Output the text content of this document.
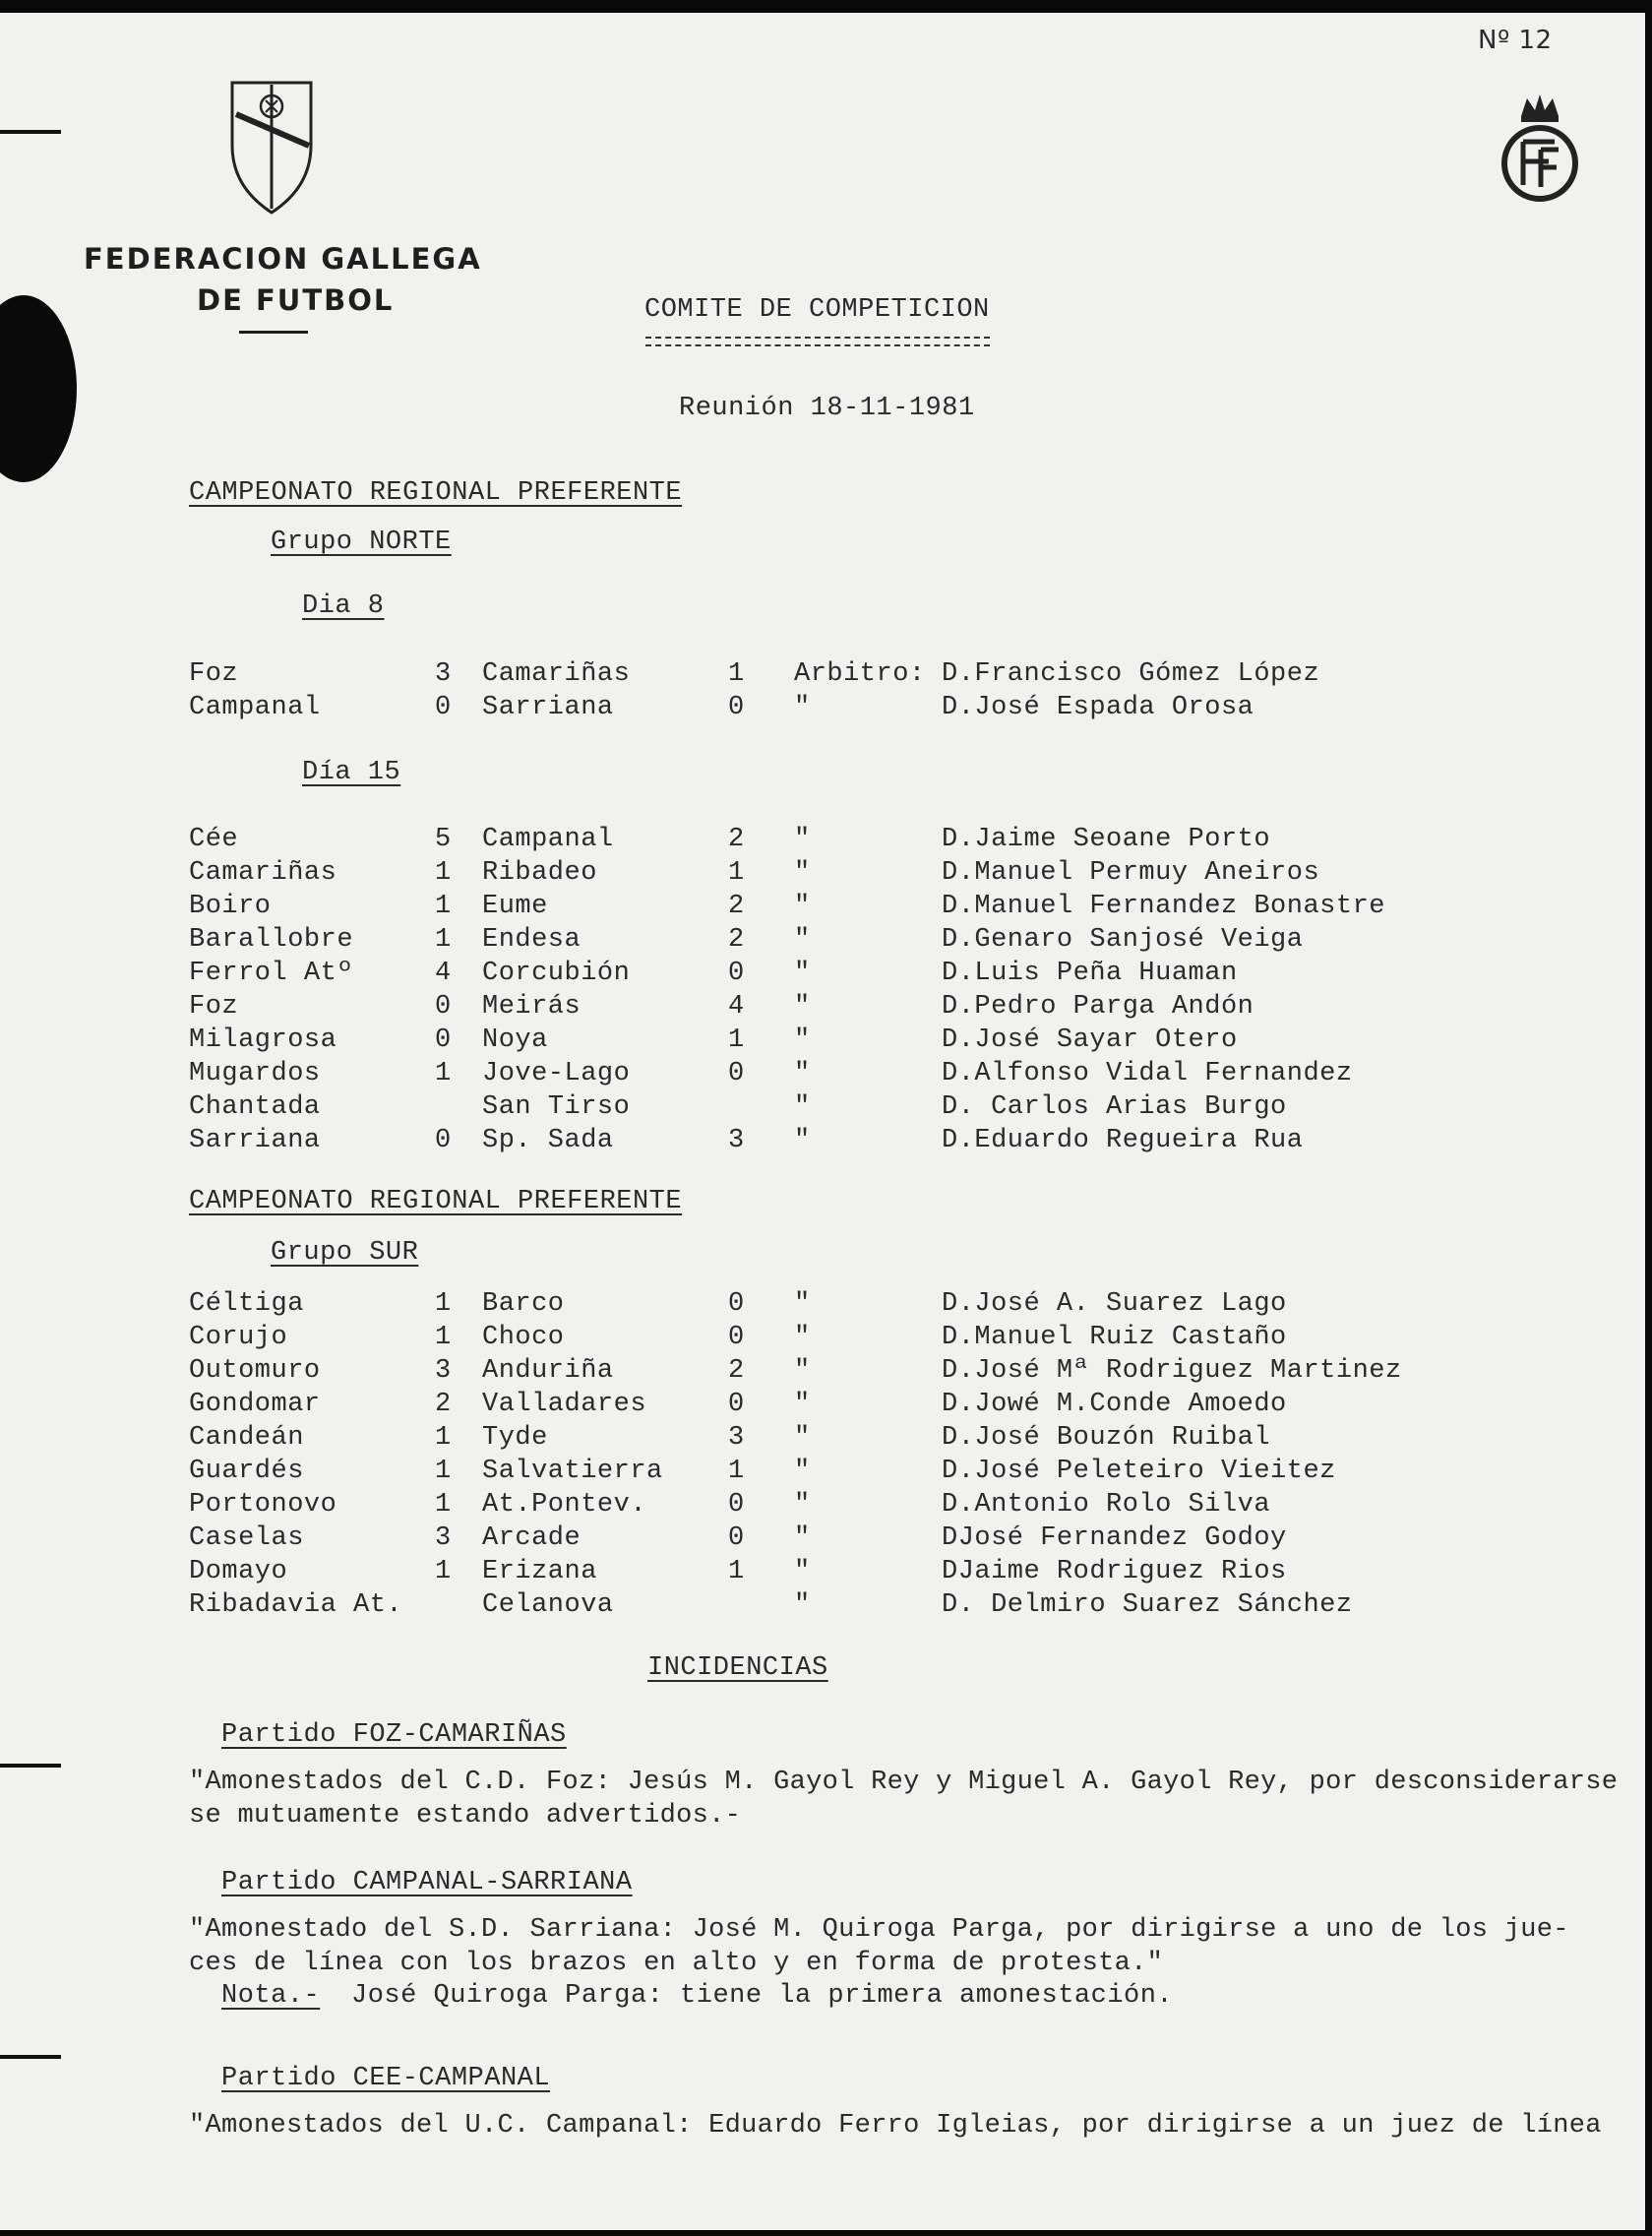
Nº 12
FEDERACION GALLEGA
DE FUTBOL	COMITE DE COMPETICION
Reunión 18-11-1981
CAMPEONATO REGIONAL PREFERENTE
Grupo NORTE
Dia 8
Foz	3 Camariñas	1 Arbitro: D.Francisco Gómez López
Campanal	0 Sarriana	0 "	D.José Espada Orosa
Día 15
Cée	5 Campanal	2 "	D.Jaime Seoane Porto
Camariñas	1 Ribadeo	1 "	D.Manuel Permuy Aneiros
Boiro	1 Eume	2 "	D.Manuel Fernandez Bonastre
Barallobre	1 Endesa	2 "	D.Genaro Sanjosé Veiga
Ferrol Atº	4 Corcubión	0 "	D.Luis Peña Huaman
Foz	0 Meirás	4 "	D.Pedro Parga Andón
Milagrosa	0 Noya	1 "	D.José Sayar Otero
Mugardos	1 Jove-Lago	0 "	D.Alfonso Vidal Fernandez
Chantada	San Tirso	"	D. Carlos Arias Burgo
Sarriana	0 Sp. Sada	3 "	D.Eduardo Regueira Rua
CAMPEONATO REGIONAL PREFERENTE
Grupo SUR
Céltiga	1 Barco	0 "	D.José A. Suarez Lago
Corujo	1 Choco	0 "	D.Manuel Ruiz Castaño
Outomuro	3 Anduriña	2 "	D.José Mª Rodriguez Martinez
Gondomar	2 Valladares	0 "	D.Jowé M.Conde Amoedo
Candeán	1 Tyde	3 "	D.José Bouzón Ruibal
Guardés	1 Salvatierra 1 "	D.José Peleteiro Vieitez
Portonovo	1 At.Pontev.	0 "	D.Antonio Rolo Silva
Caselas	3 Arcade	0 "	DJosé Fernandez Godoy
Domayo	1 Erizana	1 "	DJaime Rodriguez Rios
Ribadavia At.	Celanova	"	D. Delmiro Suarez Sánchez
INCIDENCIAS
Partido FOZ-CAMARIÑAS
"Amonestados del C.D. Foz: Jesús M. Gayol Rey y Miguel A. Gayol Rey, por desconsiderarse
se mutuamente estando advertidos.-
Partido CAMPANAL-SARRIANA
"Amonestado del S.D. Sarriana: José M. Quiroga Parga, por dirigirse a uno de los jue-
ces de línea con los brazos en alto y en forma de protesta."
Nota.- José Quiroga Parga: tiene la primera amonestación.
Partido CEE-CAMPANAL
"Amonestados del U.C. Campanal: Eduardo Ferro Igleias, por dirigirse a un juez de línea
